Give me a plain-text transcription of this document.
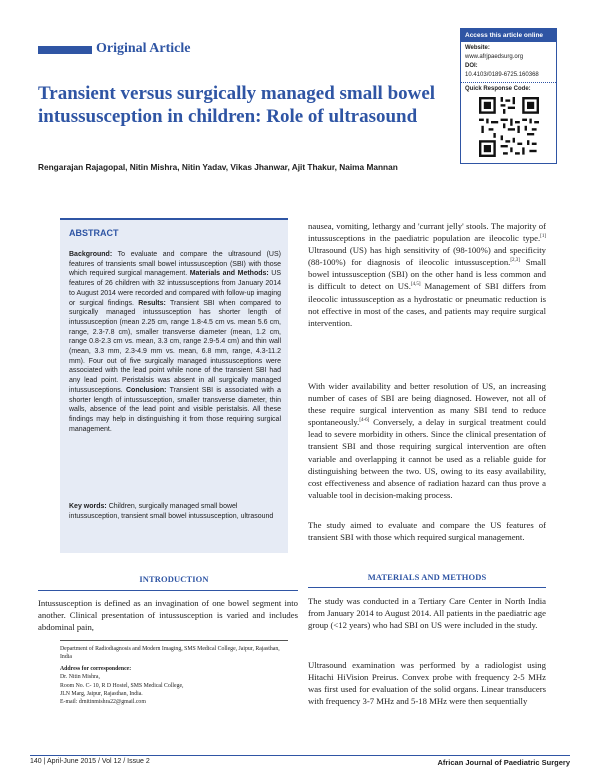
Original Article
Access this article online
Website:
www.afrjpaedsurg.org
DOI:
10.4103/0189-6725.160368
Quick Response Code:
Transient versus surgically managed small bowel intussusception in children: Role of ultrasound
Rengarajan Rajagopal, Nitin Mishra, Nitin Yadav, Vikas Jhanwar, Ajit Thakur, Naima Mannan
ABSTRACT
Background: To evaluate and compare the ultrasound (US) features of transients small bowel intussusception (SBI) with those which required surgical management. Materials and Methods: US features of 26 children with 32 intussusceptions from January 2014 to August 2014 were recorded and compared with follow-up imaging or surgical findings. Results: Transient SBI when compared to surgically managed intussusception has shorter length of intussusception (mean 2.25 cm, range 1.8-4.5 cm vs. mean 5.6 cm, range, 2.3-7.8 cm), smaller transverse diameter (mean, 1.2 cm, range 0.8-2.3 cm vs. mean, 3.3 cm, range 2.9-5.4 cm) and thin wall (mean, 3.3 mm, 2.3-4.9 mm vs. mean, 6.8 mm, range, 4.3-11.2 mm). Four out of five surgically managed intussusceptions were associated with the lead point while none of the transient SBI had any lead point. Peristalsis was absent in all surgically managed intussusceptions. Conclusion: Transient SBI is associated with a shorter length of intussusception, smaller transverse diameter, thin walls, absence of the lead point and visible peristalsis. All these findings may help in distinguishing it from those requiring surgical management.
Key words: Children, surgically managed small bowel intussusception, transient small bowel intussusception, ultrasound
INTRODUCTION
Intussusception is defined as an invagination of one bowel segment into another. Clinical presentation of intussusception is varied and includes abdominal pain,
Department of Radiodiagnosis and Modern Imaging, SMS Medical College, Jaipur, Rajasthan, India
Address for correspondence:
Dr. Nitin Mishra,
Room No. C- 10, R D Hostel, SMS Medical College,
JLN Marg, Jaipur, Rajasthan, India.
E-mail: drnitinmishra22@gmail.com
nausea, vomiting, lethargy and 'currant jelly' stools. The majority of intussusceptions in the paediatric population are ileocolic type.[1] Ultrasound (US) has high sensitivity of (98-100%) and specificity (88-100%) for diagnosis of ileocolic intussusception.[2,3] Small bowel intussusception (SBI) on the other hand is less common and is difficult to detect on US.[4,5] Management of SBI differs from ileocolic intussusception as a hydrostatic or pneumatic reduction is not effective in most of the cases, and patients may require surgical intervention.
With wider availability and better resolution of US, an increasing number of cases of SBI are being diagnosed. However, not all of these require surgical intervention as many SBI tend to reduce spontaneously.[4-6] Conversely, a delay in surgical treatment could lead to severe morbidity in others. Since the clinical presentation of transient SBI and those requiring surgical intervention are often variable and overlapping it cannot be used as a reliable guide for distinguishing between the two. US, owing to its easy availability, cost effectiveness and absence of radiation hazard can thus prove a valuable tool in decision-making process.
The study aimed to evaluate and compare the US features of transient SBI with those which required surgical management.
MATERIALS AND METHODS
The study was conducted in a Tertiary Care Center in North India from January 2014 to August 2014. All patients in the paediatric age group (<12 years) who had SBI on US were included in the study.
Ultrasound examination was performed by a radiologist using Hitachi HiVision Preirus. Convex probe with frequency 2-5 MHz was first used for evaluation of the solid organs. Linear transducers with frequency 3-7 MHz and 5-18 MHz were then sequentially
140 | April-June 2015 / Vol 12 / Issue 2	African Journal of Paediatric Surgery
